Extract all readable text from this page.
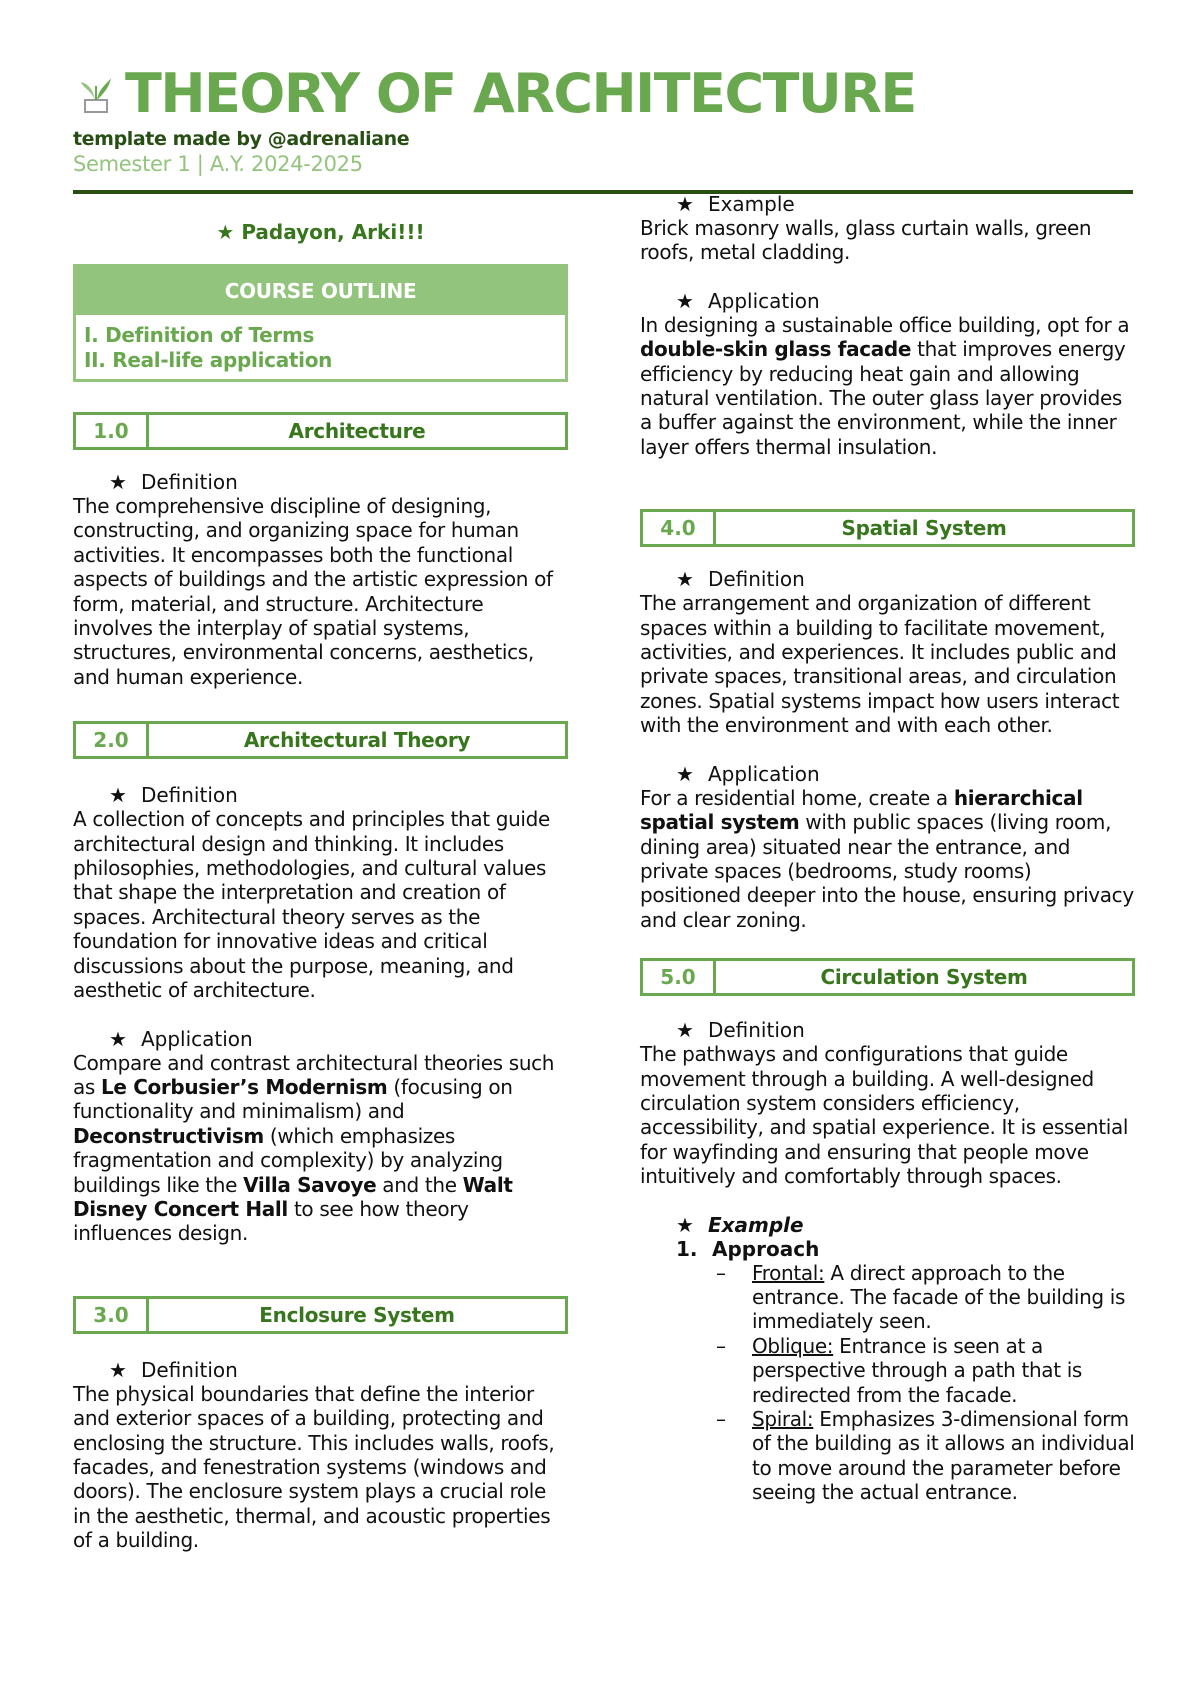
THEORY OF ARCHITECTURE
template made by @adrenaliane
Semester 1 | A.Y. 2024-2025
★ Padayon, Arki!!!
COURSE OUTLINE
I. Definition of Terms
II. Real-life application
1.0	Architecture
★ Definition
The comprehensive discipline of designing, constructing, and organizing space for human activities. It encompasses both the functional aspects of buildings and the artistic expression of form, material, and structure. Architecture involves the interplay of spatial systems, structures, environmental concerns, aesthetics, and human experience.
2.0	Architectural Theory
★ Definition
A collection of concepts and principles that guide architectural design and thinking. It includes philosophies, methodologies, and cultural values that shape the interpretation and creation of spaces. Architectural theory serves as the foundation for innovative ideas and critical discussions about the purpose, meaning, and aesthetic of architecture.
★ Application
Compare and contrast architectural theories such as Le Corbusier’s Modernism (focusing on functionality and minimalism) and Deconstructivism (which emphasizes fragmentation and complexity) by analyzing buildings like the Villa Savoye and the Walt Disney Concert Hall to see how theory influences design.
3.0	Enclosure System
★ Definition
The physical boundaries that define the interior and exterior spaces of a building, protecting and enclosing the structure. This includes walls, roofs, facades, and fenestration systems (windows and doors). The enclosure system plays a crucial role in the aesthetic, thermal, and acoustic properties of a building.
★ Example
Brick masonry walls, glass curtain walls, green roofs, metal cladding.
★ Application
In designing a sustainable office building, opt for a double-skin glass facade that improves energy efficiency by reducing heat gain and allowing natural ventilation. The outer glass layer provides a buffer against the environment, while the inner layer offers thermal insulation.
4.0	Spatial System
★ Definition
The arrangement and organization of different spaces within a building to facilitate movement, activities, and experiences. It includes public and private spaces, transitional areas, and circulation zones. Spatial systems impact how users interact with the environment and with each other.
★ Application
For a residential home, create a hierarchical spatial system with public spaces (living room, dining area) situated near the entrance, and private spaces (bedrooms, study rooms) positioned deeper into the house, ensuring privacy and clear zoning.
5.0	Circulation System
★ Definition
The pathways and configurations that guide movement through a building. A well-designed circulation system considers efficiency, accessibility, and spatial experience. It is essential for wayfinding and ensuring that people move intuitively and comfortably through spaces.
★ Example
1. Approach
– Frontal: A direct approach to the entrance. The facade of the building is immediately seen.
– Oblique: Entrance is seen at a perspective through a path that is redirected from the facade.
– Spiral: Emphasizes 3-dimensional form of the building as it allows an individual to move around the parameter before seeing the actual entrance.
